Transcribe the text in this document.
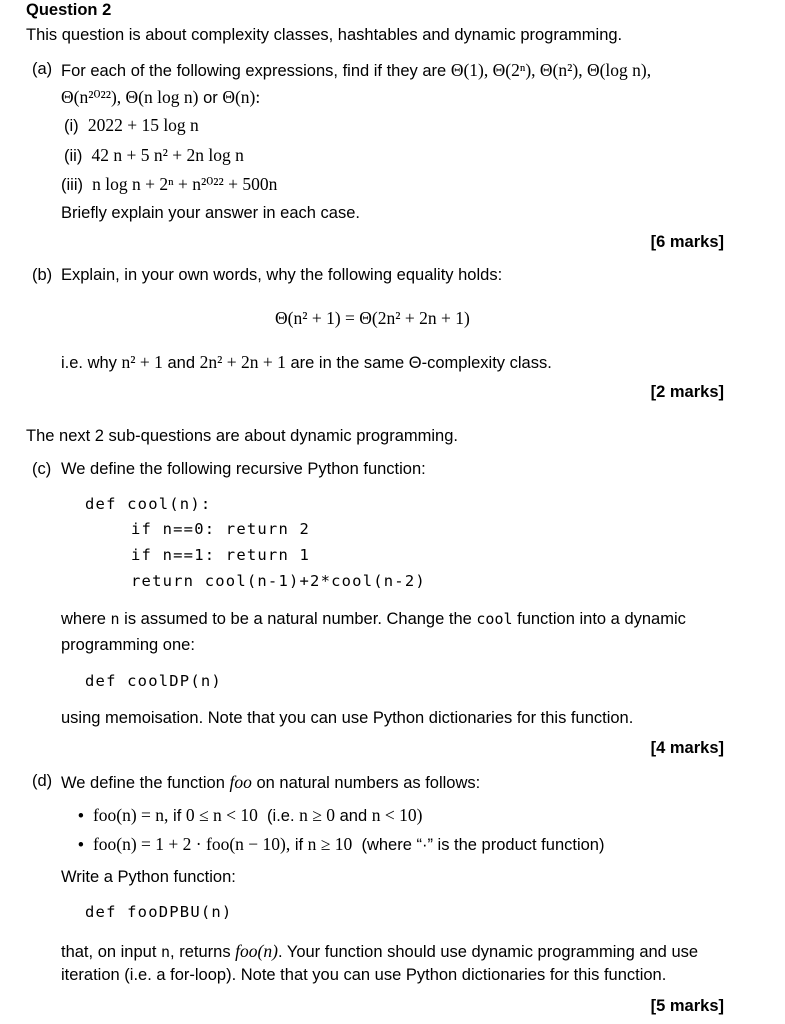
Question 2
This question is about complexity classes, hashtables and dynamic programming.
(a) For each of the following expressions, find if they are Θ(1), Θ(2ⁿ), Θ(n²), Θ(log n),
Θ(n²⁰²²), Θ(n log n) or Θ(n):
(i) 2022 + 15 log n
(ii) 42 n + 5 n² + 2n log n
(iii) n log n + 2ⁿ + n²⁰²² + 500n
Briefly explain your answer in each case.
[6 marks]
(b) Explain, in your own words, why the following equality holds:
Θ(n² + 1) = Θ(2n² + 2n + 1)
i.e. why n² + 1 and 2n² + 2n + 1 are in the same Θ-complexity class.
[2 marks]
The next 2 sub-questions are about dynamic programming.
(c) We define the following recursive Python function:
def cool(n):
if n==0: return 2
if n==1: return 1
return cool(n-1)+2*cool(n-2)
where n is assumed to be a natural number. Change the cool function into a dynamic
programming one:
def coolDP(n)
using memoisation. Note that you can use Python dictionaries for this function.
[4 marks]
(d) We define the function foo on natural numbers as follows:
• foo(n) = n, if 0 ≤ n < 10 (i.e. n ≥ 0 and n < 10)
• foo(n) = 1 + 2 · foo(n − 10), if n ≥ 10 (where “·” is the product function)
Write a Python function:
def fooDPBU(n)
that, on input n, returns foo(n). Your function should use dynamic programming and use
iteration (i.e. a for-loop). Note that you can use Python dictionaries for this function.
[5 marks]
